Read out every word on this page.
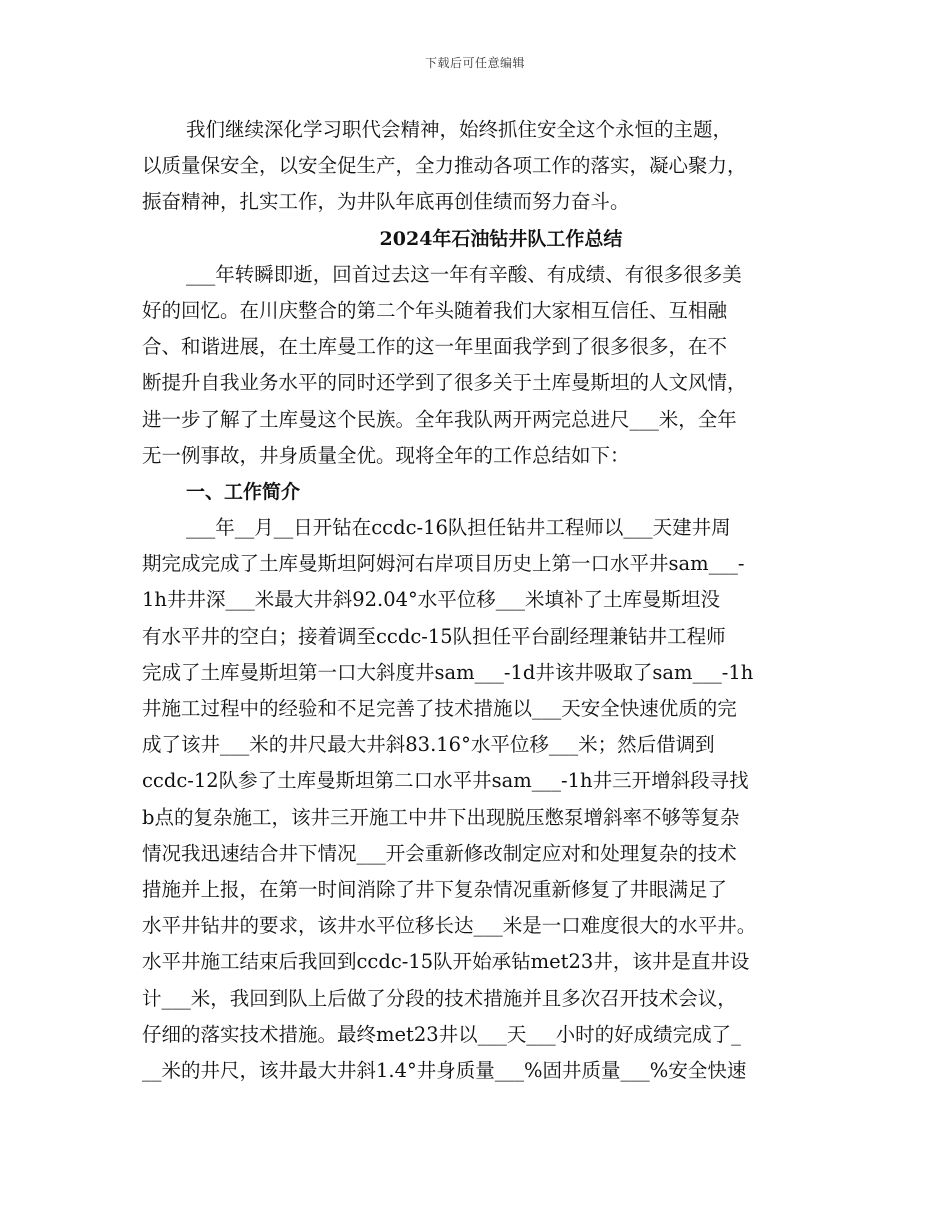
下载后可任意编辑
我们继续深化学习职代会精神，始终抓住安全这个永恒的主题，
以质量保安全，以安全促生产，全力推动各项工作的落实，凝心聚力，
振奋精神，扎实工作，为井队年底再创佳绩而努力奋斗。
2024年石油钻井队工作总结
___年转瞬即逝，回首过去这一年有辛酸、有成绩、有很多很多美
好的回忆。在川庆整合的第二个年头随着我们大家相互信任、互相融
合、和谐进展，在土库曼工作的这一年里面我学到了很多很多，在不
断提升自我业务水平的同时还学到了很多关于土库曼斯坦的人文风情，
进一步了解了土库曼这个民族。全年我队两开两完总进尺___米，全年
无一例事故，井身质量全优。现将全年的工作总结如下：
一、工作简介
___年__月__日开钻在ccdc-16队担任钻井工程师以___天建井周
期完成完成了土库曼斯坦阿姆河右岸项目历史上第一口水平井sam___-
1h井井深___米最大井斜92.04°水平位移___米填补了土库曼斯坦没
有水平井的空白；接着调至ccdc-15队担任平台副经理兼钻井工程师
完成了土库曼斯坦第一口大斜度井sam___-1d井该井吸取了sam___-1h
井施工过程中的经验和不足完善了技术措施以___天安全快速优质的完
成了该井___米的井尺最大井斜83.16°水平位移___米；然后借调到
ccdc-12队参了土库曼斯坦第二口水平井sam___-1h井三开增斜段寻找
b点的复杂施工，该井三开施工中井下出现脱压憋泵增斜率不够等复杂
情况我迅速结合井下情况___开会重新修改制定应对和处理复杂的技术
措施并上报，在第一时间消除了井下复杂情况重新修复了井眼满足了
水平井钻井的要求，该井水平位移长达___米是一口难度很大的水平井。
水平井施工结束后我回到ccdc-15队开始承钻met23井，该井是直井设
计___米，我回到队上后做了分段的技术措施并且多次召开技术会议，
仔细的落实技术措施。最终met23井以___天___小时的好成绩完成了_
__米的井尺，该井最大井斜1.4°井身质量___%固井质量___%安全快速
